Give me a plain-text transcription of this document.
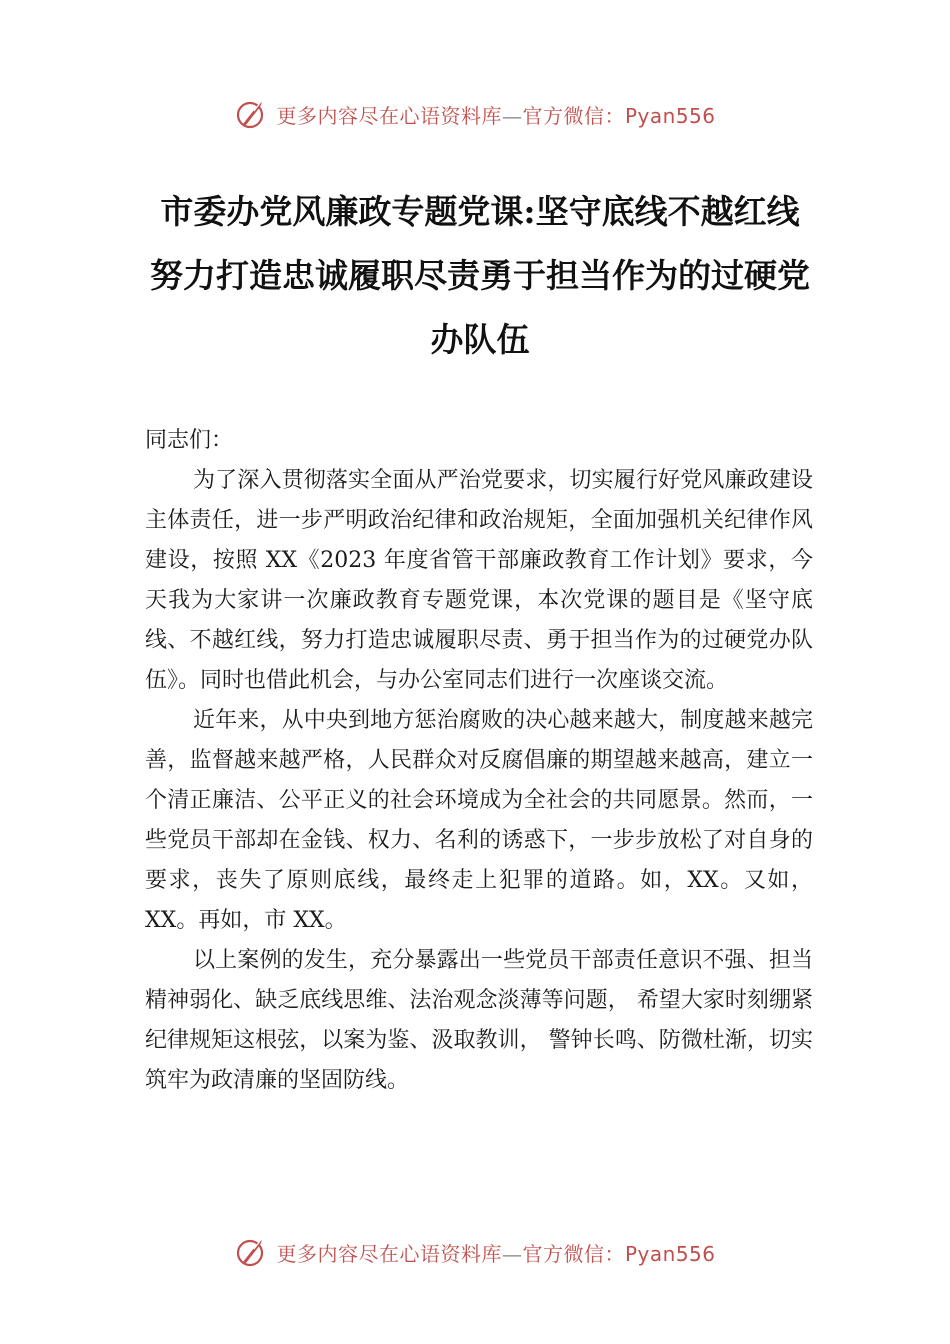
更多内容尽在心语资料库—官方微信：Pyan556
市委办党风廉政专题党课:坚守底线不越红线努力打造忠诚履职尽责勇于担当作为的过硬党办队伍

同志们：

为了深入贯彻落实全面从严治党要求，切实履行好党风廉政建设主体责任，进一步严明政治纪律和政治规矩，全面加强机关纪律作风建设，按照 XX《2023 年度省管干部廉政教育工作计划》要求，今天我为大家讲一次廉政教育专题党课，本次党课的题目是《坚守底线、不越红线，努力打造忠诚履职尽责、勇于担当作为的过硬党办队伍》。同时也借此机会，与办公室同志们进行一次座谈交流。

近年来，从中央到地方惩治腐败的决心越来越大，制度越来越完善，监督越来越严格，人民群众对反腐倡廉的期望越来越高，建立一个清正廉洁、公平正义的社会环境成为全社会的共同愿景。然而，一些党员干部却在金钱、权力、名利的诱惑下，一步步放松了对自身的要求，丧失了原则底线，最终走上犯罪的道路。如，XX。又如，XX。再如，市 XX。

以上案例的发生，充分暴露出一些党员干部责任意识不强、担当精神弱化、缺乏底线思维、法治观念淡薄等问题， 希望大家时刻绷紧纪律规矩这根弦，以案为鉴、汲取教训， 警钟长鸣、防微杜渐，切实筑牢为政清廉的坚固防线。

更多内容尽在心语资料库—官方微信：Pyan556
